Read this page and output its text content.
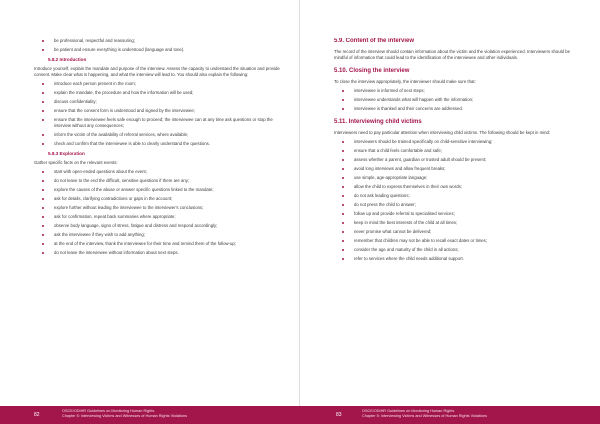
be professional, respectful and reassuring;
be patient and ensure everything is understood (language and tone).
5.8.2 Introduction

Introduce yourself, explain the mandate and purpose of the interview. Assess the capacity to understand the situation and provide consent. Make clear what is happening, and what the interview will lead to. You should also explain the following:

introduce each person present in the room;
explain the mandate, the procedure and how the information will be used;
discuss confidentiality;
ensure that the consent form is understood and signed by the interviewee;
ensure that the interviewee feels safe enough to proceed; the interviewee can at any time ask questions or stop the interview without any consequences;
inform the victim of the availability of referral services, where available;
check and confirm that the interviewee is able to clearly understand the questions.
5.8.3 Exploration

Gather specific facts on the relevant events:

start with open-ended questions about the event;
do not leave to the end the difficult, sensitive questions if there are any;
explore the causes of the abuse or answer specific questions linked to the mandate;
ask for details, clarifying contradictions or gaps in the account;
explore further without leading the interviewee to the interviewer's conclusions;
ask for confirmation, repeat back summaries where appropriate;
observe body language, signs of stress, fatigue and distress and respond accordingly;
ask the interviewee if they wish to add anything;
at the end of the interview, thank the interviewee for their time and remind them of the follow-up;
do not leave the interviewee without information about next steps.
82
OSCE/ODIHR Guidelines on Monitoring Human Rights
Chapter 5: Interviewing Victims and Witnesses of Human Rights Violations
5.9. Content of the interview

The record of the interview should contain information about the victim and the violation experienced. Interviewers should be mindful of information that could lead to the identification of the interviewee and other individuals.

5.10. Closing the interview

To close the interview appropriately, the interviewer should make sure that:

interviewee is informed of next steps;
interviewee understands what will happen with the information;
interviewee is thanked and their concerns are addressed.
5.11. Interviewing child victims

Interviewers need to pay particular attention when interviewing child victims. The following should be kept in mind:

interviewers should be trained specifically on child-sensitive interviewing;
ensure that a child feels comfortable and safe;
assess whether a parent, guardian or trusted adult should be present;
avoid long interviews and allow frequent breaks;
use simple, age-appropriate language;
allow the child to express themselves in their own words;
do not ask leading questions;
do not press the child to answer;
follow up and provide referral to specialised services;
keep in mind the best interests of the child at all times;
never promise what cannot be delivered;
remember that children may not be able to recall exact dates or times;
consider the age and maturity of the child in all actions;
refer to services where the child needs additional support.
83
OSCE/ODIHR Guidelines on Monitoring Human Rights
Chapter 5: Interviewing Victims and Witnesses of Human Rights Violations
